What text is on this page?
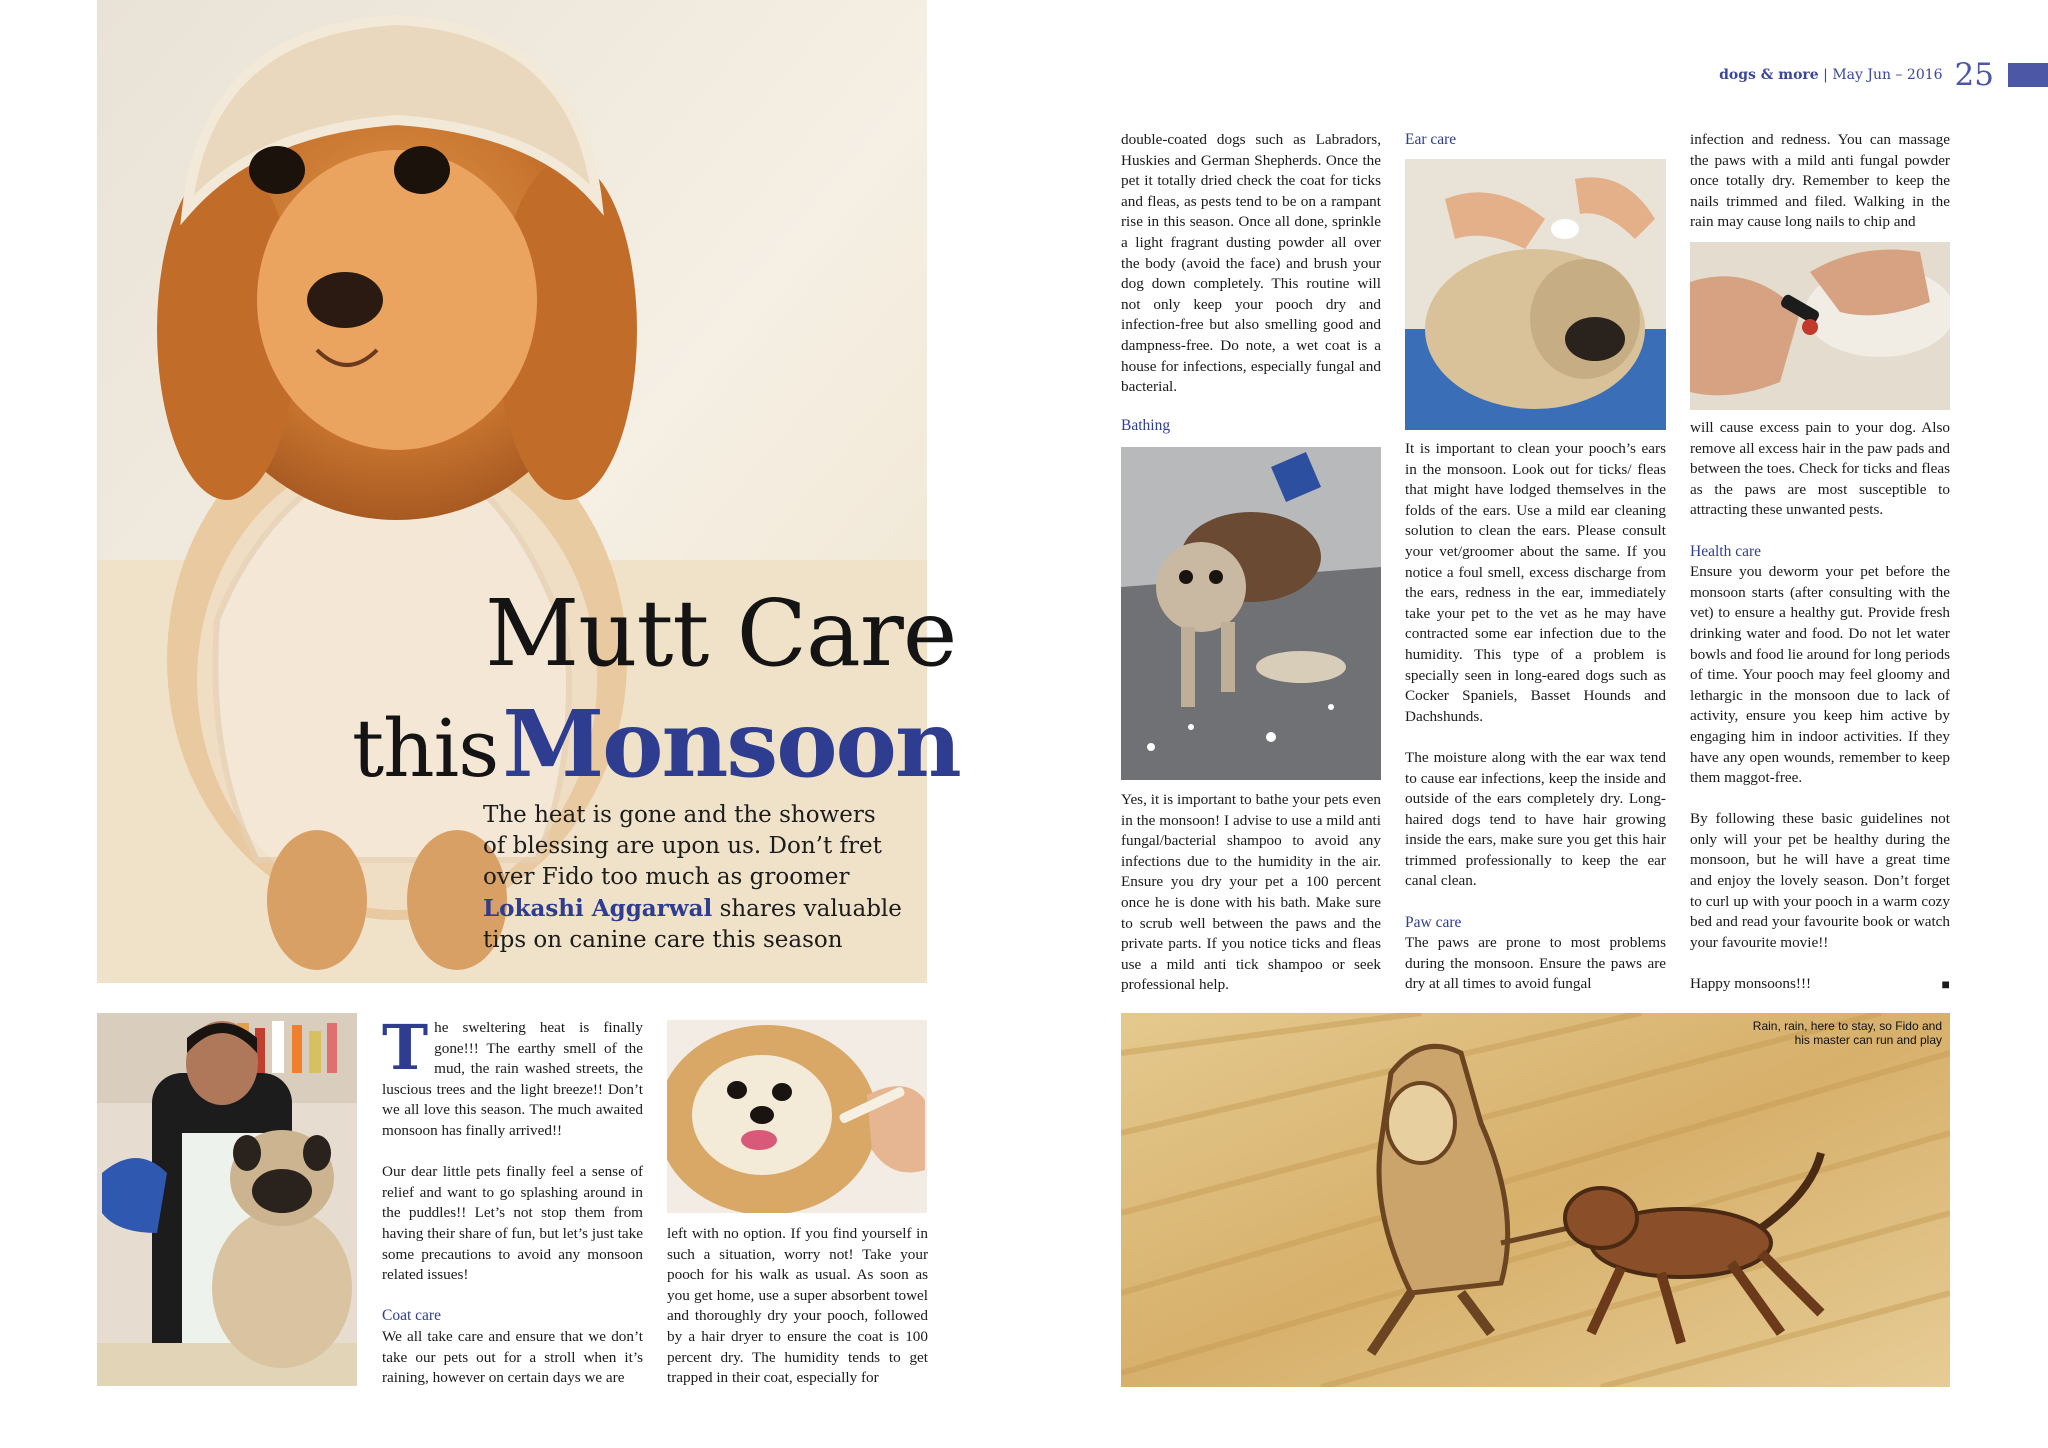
dogs & more | May Jun – 2016 25
Mutt Care
this Monsoon
The heat is gone and the showers of blessing are upon us. Don’t fret over Fido too much as groomer Lokashi Aggarwal shares valuable tips on canine care this season

The sweltering heat is finally gone!!! The earthy smell of the mud, the rain washed streets, the luscious trees and the light breeze!! Don’t we all love this season. The much awaited monsoon has finally arrived!!

Our dear little pets finally feel a sense of relief and want to go splashing around in the puddles!! Let’s not stop them from having their share of fun, but let’s just take some precautions to avoid any monsoon related issues!

Coat care

We all take care and ensure that we don’t take our pets out for a stroll when it’s raining, however on certain days we are

left with no option. If you find yourself in such a situation, worry not! Take your pooch for his walk as usual. As soon as you get home, use a super absorbent towel and thoroughly dry your pooch, followed by a hair dryer to ensure the coat is 100 percent dry. The humidity tends to get trapped in their coat, especially for

double-coated dogs such as Labradors, Huskies and German Shepherds. Once the pet it totally dried check the coat for ticks and fleas, as pests tend to be on a rampant rise in this season. Once all done, sprinkle a light fragrant dusting powder all over the body (avoid the face) and brush your dog down completely. This routine will not only keep your pooch dry and infection-free but also smelling good and dampness-free. Do note, a wet coat is a house for infections, especially fungal and bacterial.

Bathing

Yes, it is important to bathe your pets even in the monsoon! I advise to use a mild anti fungal/bacterial shampoo to avoid any infections due to the humidity in the air. Ensure you dry your pet a 100 percent once he is done with his bath. Make sure to scrub well between the paws and the private parts. If you notice ticks and fleas use a mild anti tick shampoo or seek professional help.

Ear care

It is important to clean your pooch’s ears in the monsoon. Look out for ticks/ fleas that might have lodged themselves in the folds of the ears. Use a mild ear cleaning solution to clean the ears. Please consult your vet/groomer about the same. If you notice a foul smell, excess discharge from the ears, redness in the ear, immediately take your pet to the vet as he may have contracted some ear infection due to the humidity. This type of a problem is specially seen in long-eared dogs such as Cocker Spaniels, Basset Hounds and Dachshunds.

The moisture along with the ear wax tend to cause ear infections, keep the inside and outside of the ears completely dry. Long-haired dogs tend to have hair growing inside the ears, make sure you get this hair trimmed professionally to keep the ear canal clean.

Paw care

The paws are prone to most problems during the monsoon. Ensure the paws are dry at all times to avoid fungal

infection and redness. You can massage the paws with a mild anti fungal powder once totally dry. Remember to keep the nails trimmed and filed. Walking in the rain may cause long nails to chip and

will cause excess pain to your dog. Also remove all excess hair in the paw pads and between the toes. Check for ticks and fleas as the paws are most susceptible to attracting these unwanted pests.

Health care

Ensure you deworm your pet before the monsoon starts (after consulting with the vet) to ensure a healthy gut. Provide fresh drinking water and food. Do not let water bowls and food lie around for long periods of time. Your pooch may feel gloomy and lethargic in the monsoon due to lack of activity, ensure you keep him active by engaging him in indoor activities. If they have any open wounds, remember to keep them maggot-free.

By following these basic guidelines not only will your pet be healthy during the monsoon, but he will have a great time and enjoy the lovely season. Don’t forget to curl up with your pooch in a warm cozy bed and read your favourite book or watch your favourite movie!!

Happy monsoons!!!	■

Rain, rain, here to stay, so Fido and his master can run and play
